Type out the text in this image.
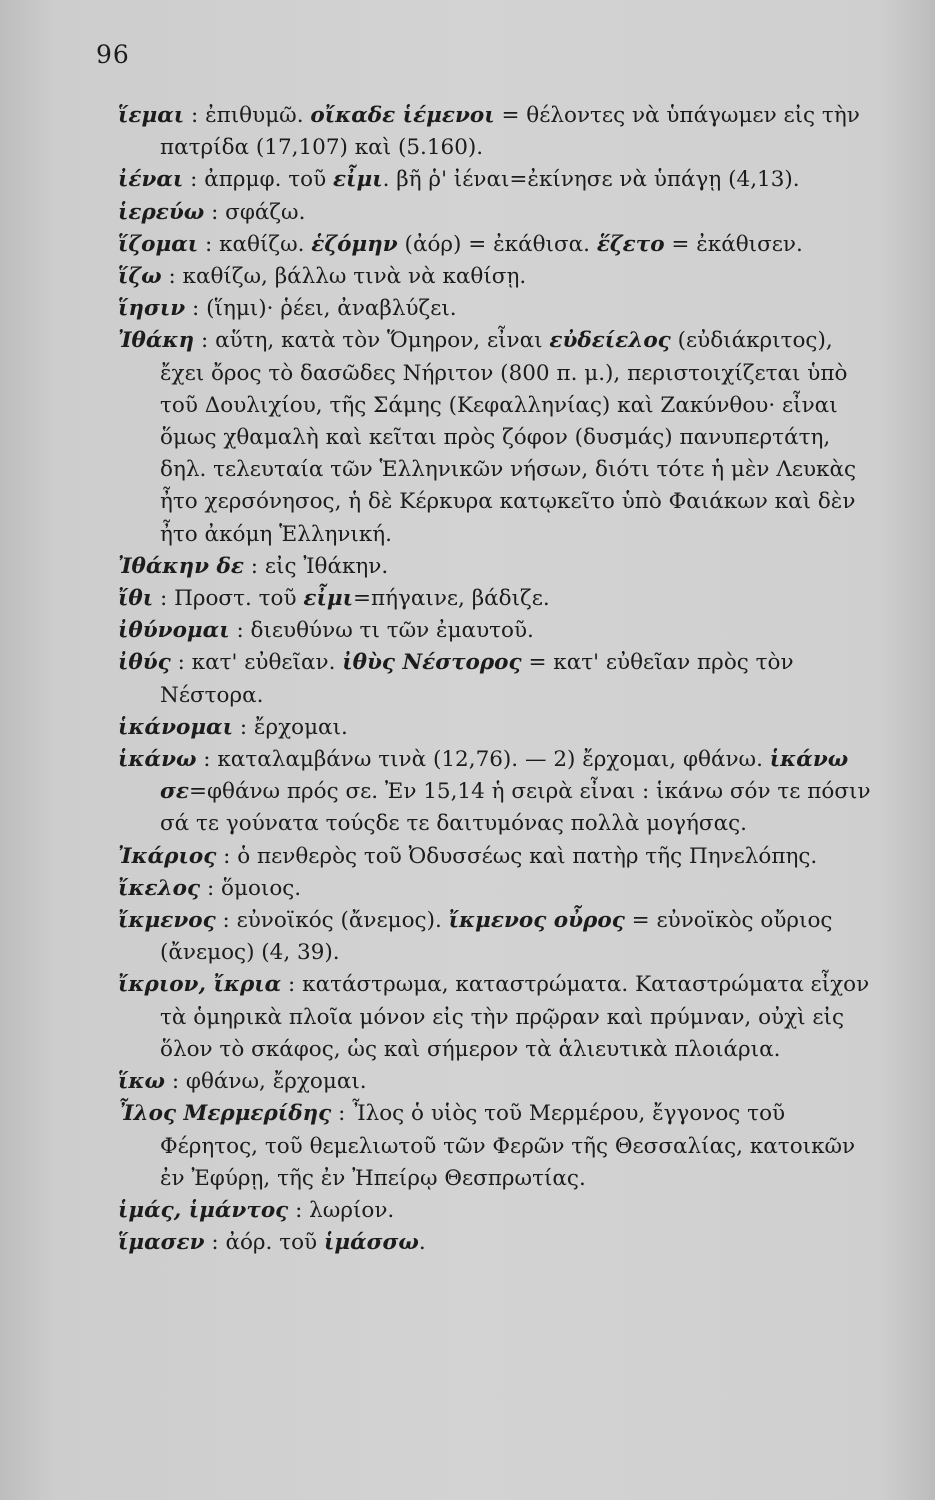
96

ἵεμαι : ἐπιθυμῶ. οἴκαδε ἱέμενοι = θέλοντες νὰ ὑπάγωμεν εἰς τὴν πατρίδα (17,107) καὶ (5.160).

ἰέναι : ἀπρμφ. τοῦ εἶμι. βῆ ῥ' ἰέναι=ἐκίνησε νὰ ὑπάγῃ (4,13).

ἱερεύω : σφάζω.

ἵζομαι : καθίζω. ἑζόμην (ἀόρ) = ἐκάθισα. ἕζετο = ἐκάθισεν.

ἵζω : καθίζω, βάλλω τινὰ νὰ καθίσῃ.

ἵησιν : (ἵημι)· ῥέει, ἀναβλύζει.

Ἰθάκη : αὕτη, κατὰ τὸν Ὅμηρον, εἶναι εὐδείελος (εὐδιάκριτος), ἔχει ὄρος τὸ δασῶδες Νήριτον (800 π. μ.), περιστοιχίζεται ὑπὸ τοῦ Δουλιχίου, τῆς Σάμης (Κεφαλληνίας) καὶ Ζακύνθου· εἶναι ὅμως χθαμαλὴ καὶ κεῖται πρὸς ζόφον (δυσμάς) πανυπερτάτη, δηλ. τελευταία τῶν Ἑλληνικῶν νήσων, διότι τότε ἡ μὲν Λευκὰς ἦτο χερσόνησος, ἡ δὲ Κέρκυρα κατῳκεῖτο ὑπὸ Φαιάκων καὶ δὲν ἦτο ἀκόμη Ἑλληνική.

Ἰθάκην δε : εἰς Ἰθάκην.

ἴθι : Προστ. τοῦ εἶμι=πήγαινε, βάδιζε.

ἰθύνομαι : διευθύνω τι τῶν ἐμαυτοῦ.

ἰθύς : κατ' εὐθεῖαν. ἰθὺς Νέστορος = κατ' εὐθεῖαν πρὸς τὸν Νέστορα.

ἱκάνομαι : ἔρχομαι.

ἱκάνω : καταλαμβάνω τινὰ (12,76). — 2) ἔρχομαι, φθάνω. ἱκάνω σε=φθάνω πρός σε. Ἐν 15,14 ἡ σειρὰ εἶναι : ἱκάνω σόν τε πόσιν σά τε γούνατα τούςδε τε δαιτυμόνας πολλὰ μογήσας.

Ἰκάριος : ὁ πενθερὸς τοῦ Ὀδυσσέως καὶ πατὴρ τῆς Πηνελόπης.

ἴκελος : ὅμοιος.

ἴκμενος : εὐνοϊκός (ἄνεμος). ἴκμενος οὖρος = εὐνοϊκὸς οὔριος (ἄνεμος) (4, 39).

ἴκριον, ἴκρια : κατάστρωμα, καταστρώματα. Καταστρώματα εἶχον τὰ ὁμηρικὰ πλοῖα μόνον εἰς τὴν πρῷραν καὶ πρύμναν, οὐχὶ εἰς ὅλον τὸ σκάφος, ὡς καὶ σήμερον τὰ ἁλιευτικὰ πλοιάρια.

ἵκω : φθάνω, ἔρχομαι.

Ἶλος Μερμερίδης : Ἶλος ὁ υἱὸς τοῦ Μερμέρου, ἔγγονος τοῦ Φέρητος, τοῦ θεμελιωτοῦ τῶν Φερῶν τῆς Θεσσαλίας, κατοικῶν ἐν Ἐφύρῃ, τῆς ἐν Ἠπείρῳ Θεσπρωτίας.

ἱμάς, ἱμάντος : λωρίον.

ἵμασεν : ἀόρ. τοῦ ἱμάσσω.
